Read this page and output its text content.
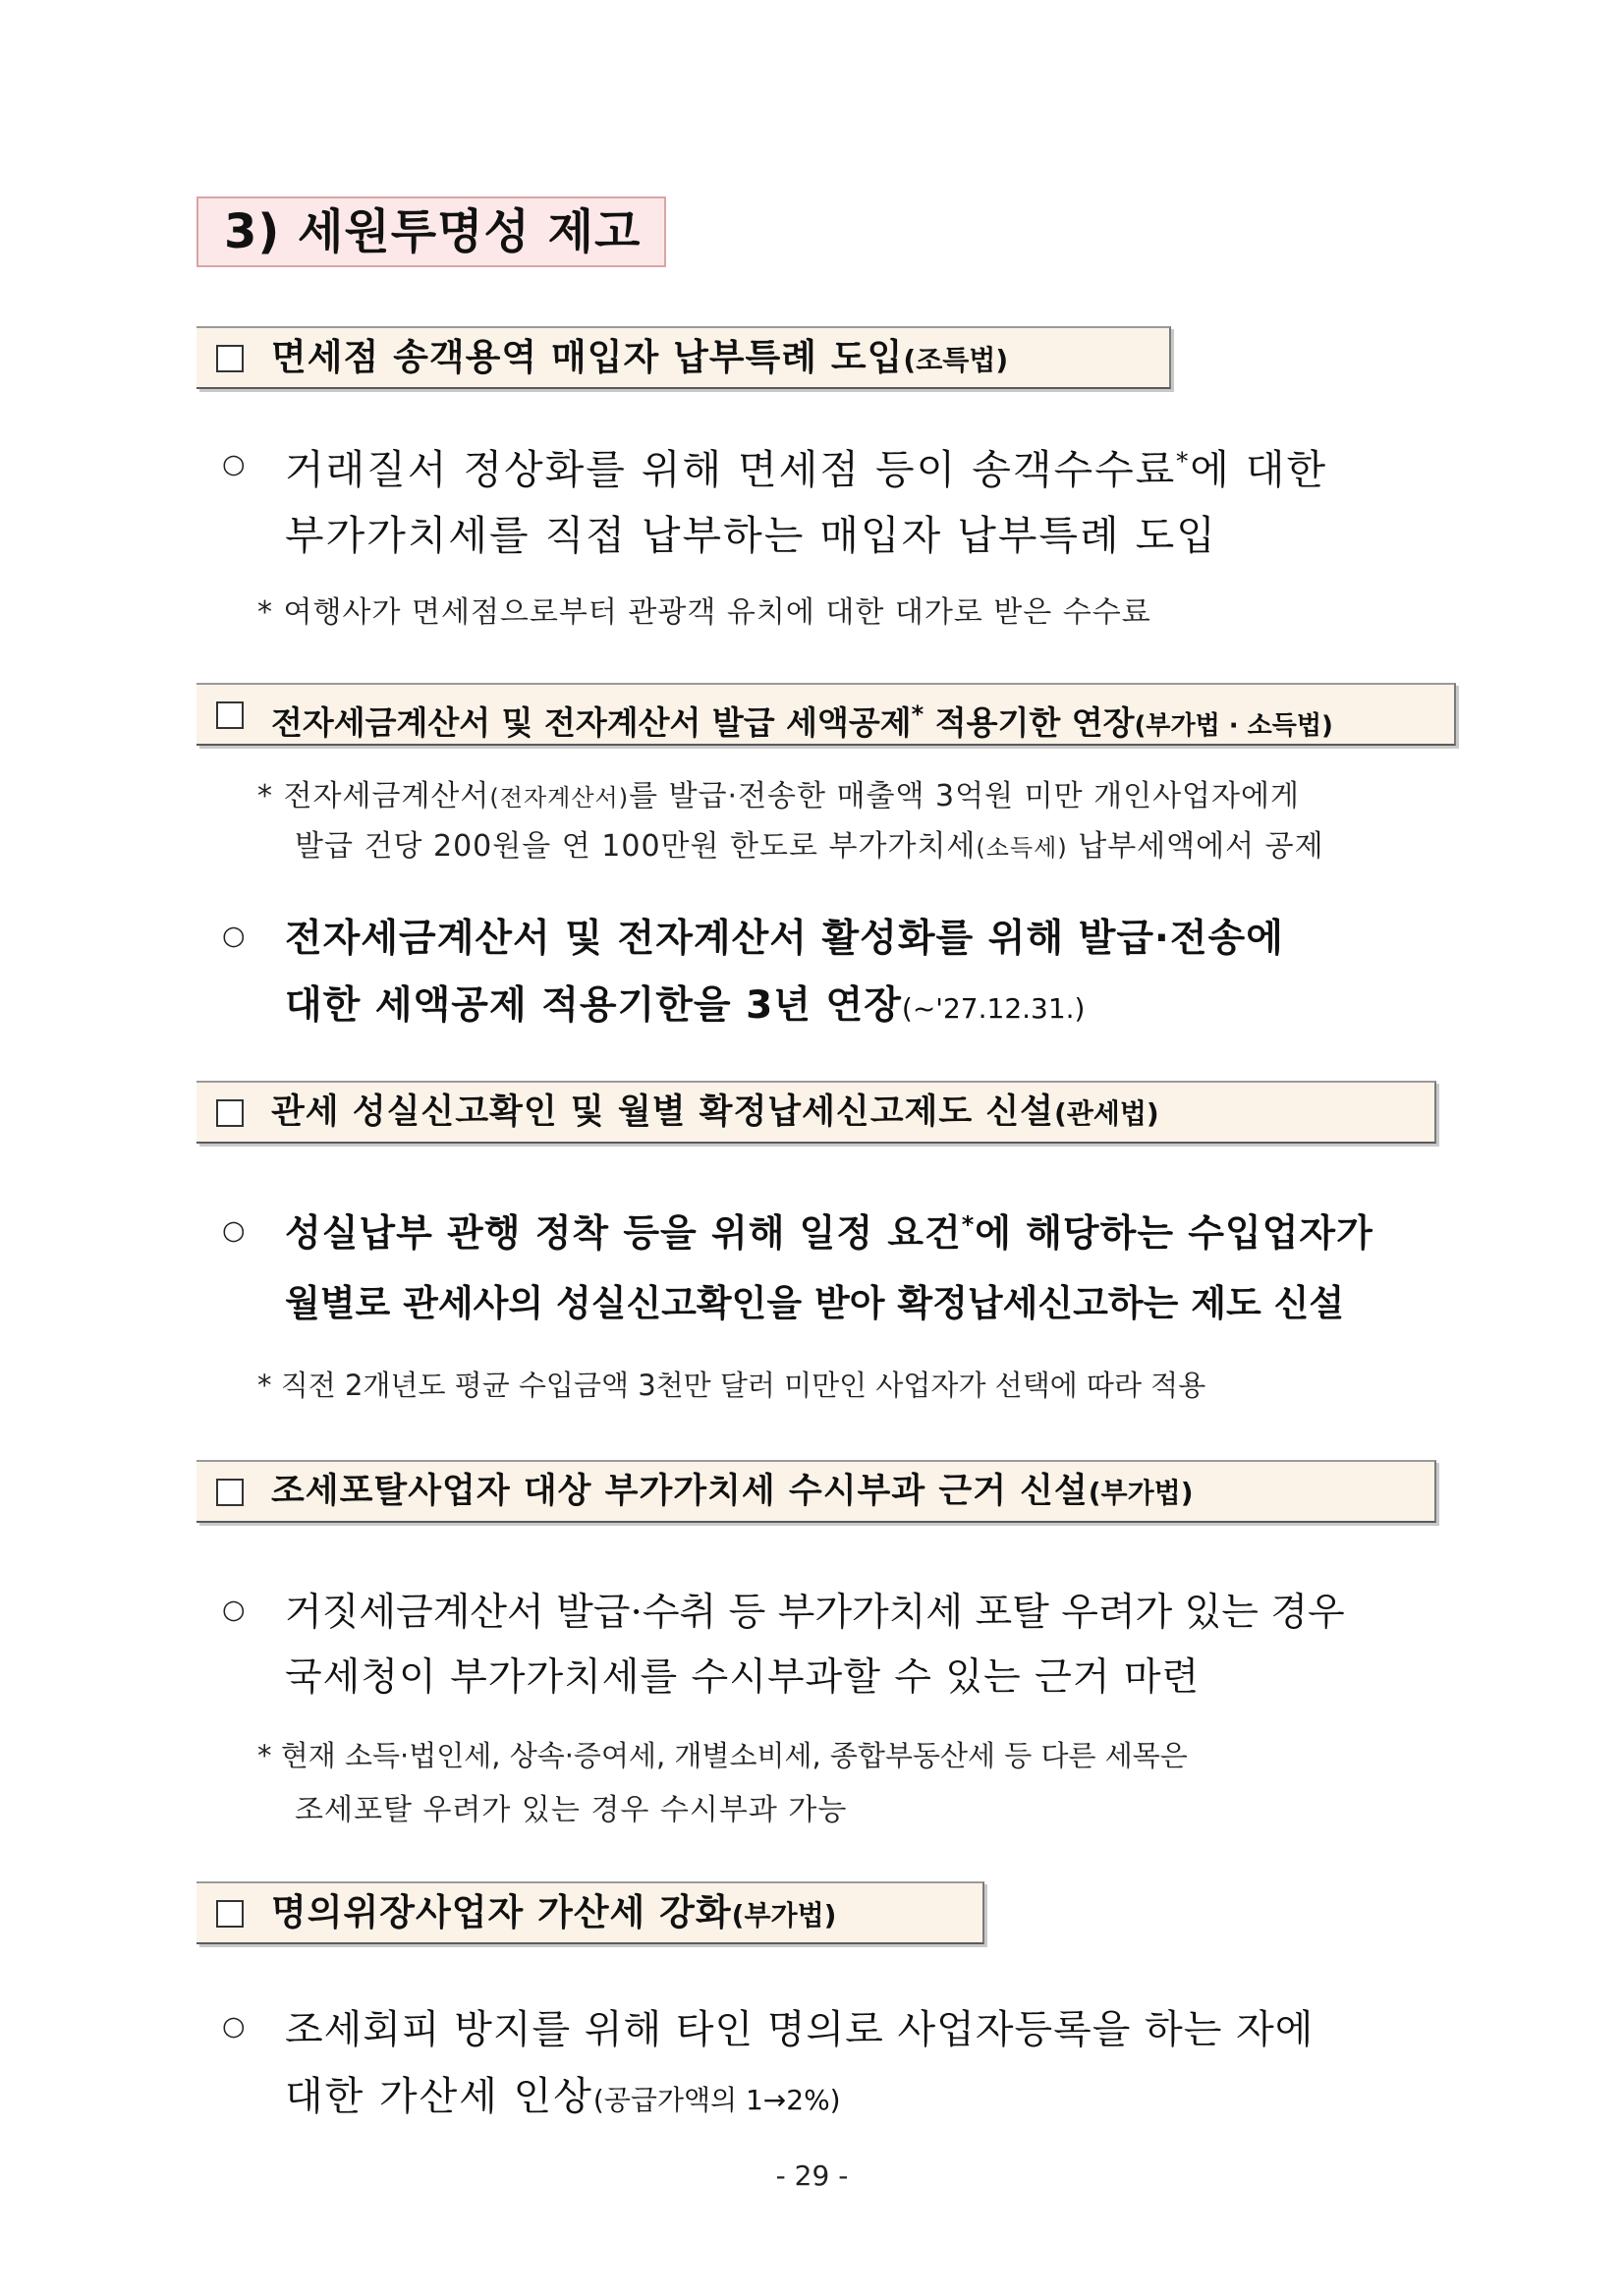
3) 세원투명성 제고
면세점 송객용역 매입자 납부특례 도입(조특법)
○ 거래질서 정상화를 위해 면세점 등이 송객수수료*에 대한
부가가치세를 직접 납부하는 매입자 납부특례 도입
* 여행사가 면세점으로부터 관광객 유치에 대한 대가로 받은 수수료
전자세금계산서 및 전자계산서 발급 세액공제* 적용기한 연장(부가법 · 소득법)
* 전자세금계산서(전자계산서)를 발급·전송한 매출액 3억원 미만 개인사업자에게
발급 건당 200원을 연 100만원 한도로 부가가치세(소득세) 납부세액에서 공제
○ 전자세금계산서 및 전자계산서 활성화를 위해 발급·전송에
대한 세액공제 적용기한을 3년 연장(~'27.12.31.)
관세 성실신고확인 및 월별 확정납세신고제도 신설(관세법)
○ 성실납부 관행 정착 등을 위해 일정 요건*에 해당하는 수입업자가
월별로 관세사의 성실신고확인을 받아 확정납세신고하는 제도 신설
* 직전 2개년도 평균 수입금액 3천만 달러 미만인 사업자가 선택에 따라 적용
조세포탈사업자 대상 부가가치세 수시부과 근거 신설(부가법)
○ 거짓세금계산서 발급·수취 등 부가가치세 포탈 우려가 있는 경우
국세청이 부가가치세를 수시부과할 수 있는 근거 마련
* 현재 소득·법인세, 상속·증여세, 개별소비세, 종합부동산세 등 다른 세목은
조세포탈 우려가 있는 경우 수시부과 가능
명의위장사업자 가산세 강화(부가법)
○ 조세회피 방지를 위해 타인 명의로 사업자등록을 하는 자에
대한 가산세 인상(공급가액의 1→2%)
- 29 -
